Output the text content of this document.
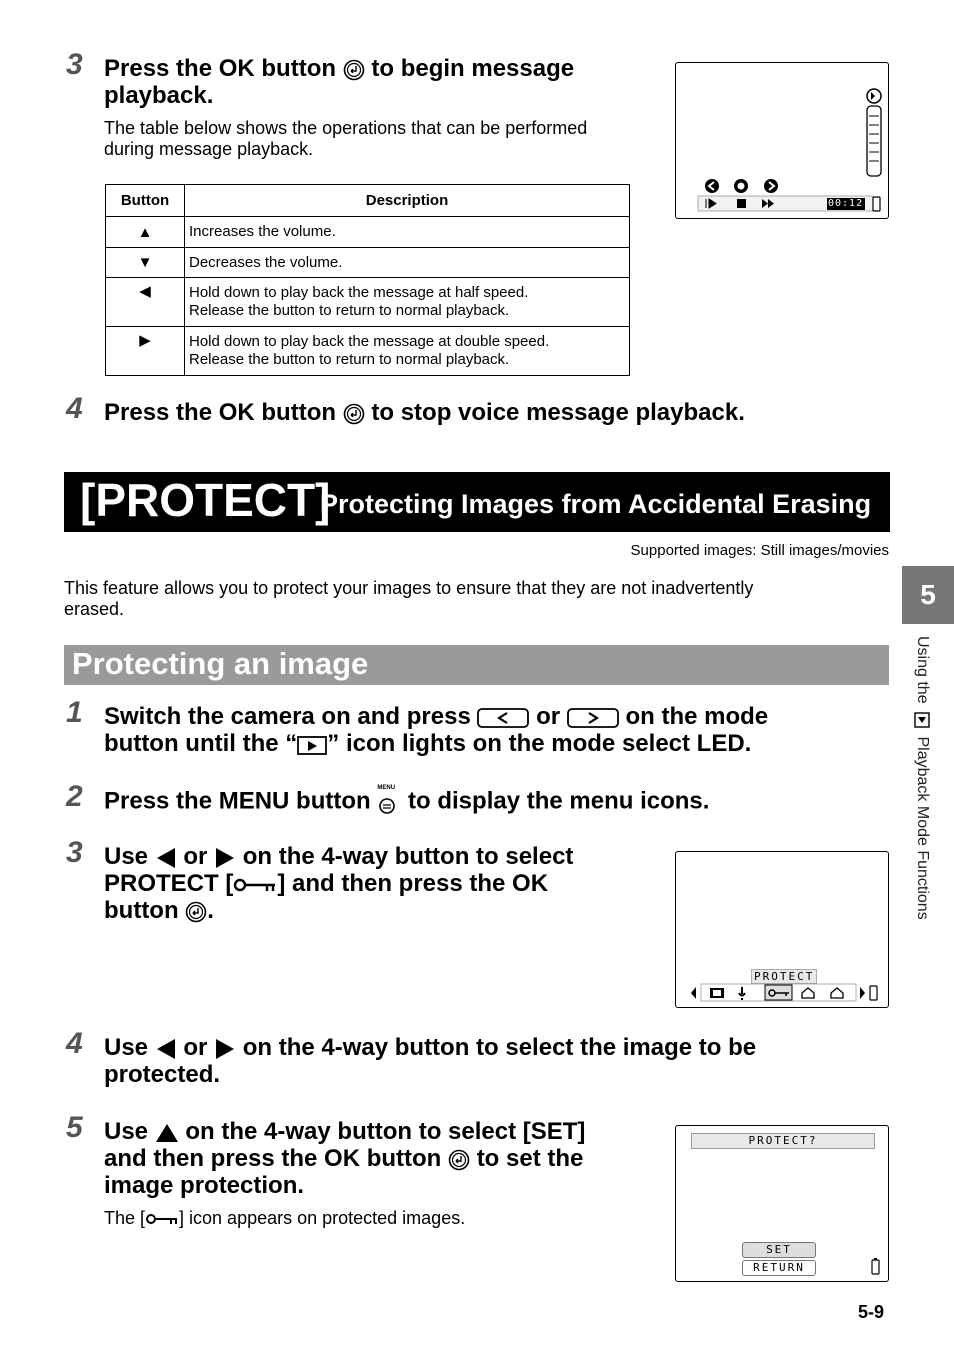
3 Press the OK button to begin message
playback.
The table below shows the operations that can be performed
during message playback.
Button	Description
▲	Increases the volume.
▼	Decreases the volume.
◀	Hold down to play back the message at half speed.
Release the button to return to normal playback.
▶	Hold down to play back the message at double speed.
Release the button to return to normal playback.
00:12
4 Press the OK button to stop voice message playback.
[PROTECT]
Protecting Images from Accidental Erasing
Supported images: Still images/movies
This feature allows you to protect your images to ensure that they are not inadvertently
erased.
Protecting an image
1 Switch the camera on and press	or	on the mode
button until the “ ” icon lights on the mode select LED.
2 Press the MENU button MENU to display the menu icons.
3 Use or on the 4-way button to select
PROTECT [ ] and then press the OK
button .
PROTECT
4 Use or on the 4-way button to select the image to be
protected.
5 Use on the 4-way button to select [SET]
and then press the OK button to set the
image protection.
The [ ] icon appears on protected images.
PROTECT?
SET
RETURN
5
Using the  Playback Mode Functions
5-9
